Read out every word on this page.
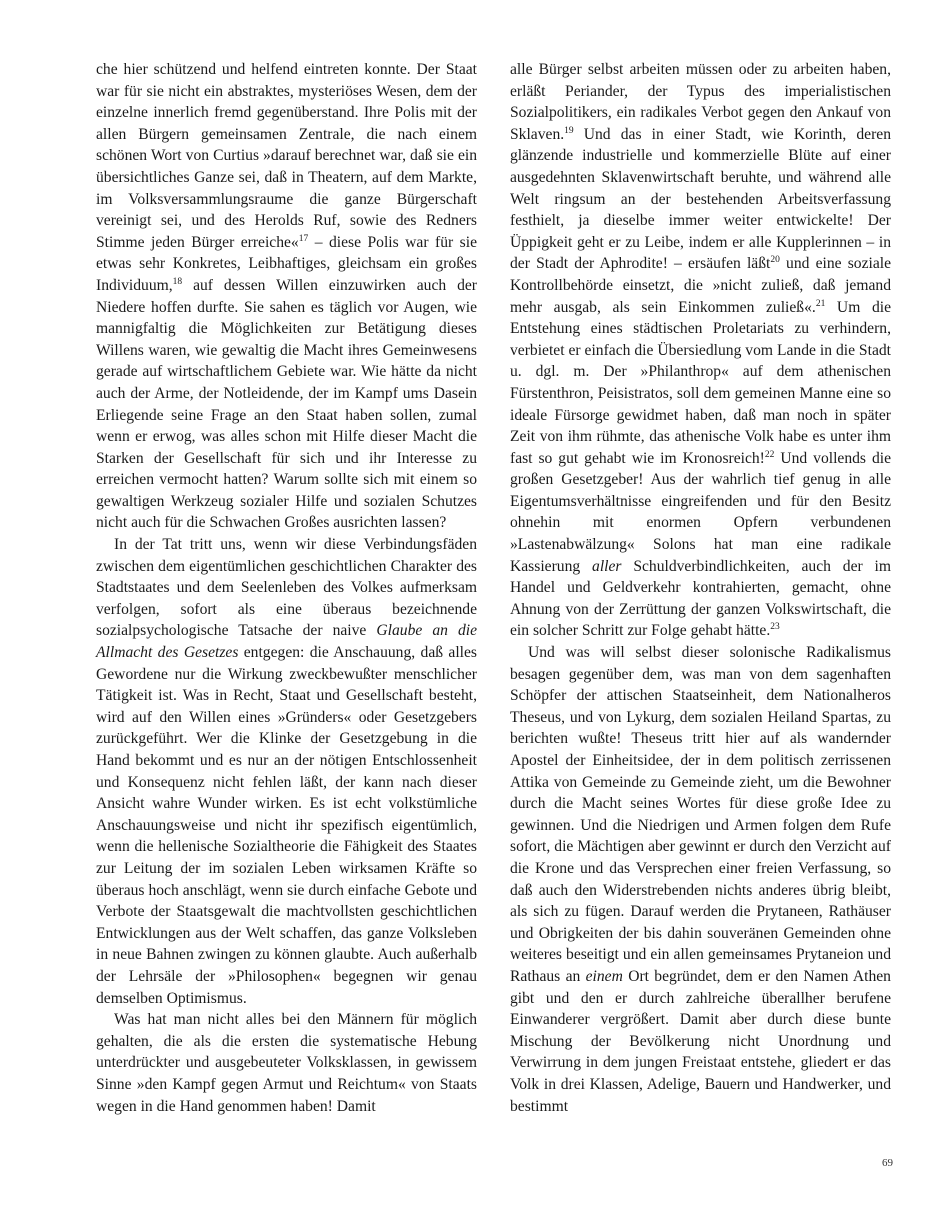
che hier schützend und helfend eintreten konnte. Der Staat war für sie nicht ein abstraktes, mysteriöses Wesen, dem der einzelne innerlich fremd gegenüberstand. Ihre Polis mit der allen Bürgern gemeinsamen Zentrale, die nach einem schönen Wort von Curtius »darauf berechnet war, daß sie ein übersichtliches Ganze sei, daß in Theatern, auf dem Markte, im Volksversammlungsraume die ganze Bürgerschaft vereinigt sei, und des Herolds Ruf, sowie des Redners Stimme jeden Bürger erreiche«$^{17}$ – diese Polis war für sie etwas sehr Konkretes, Leibhaftiges, gleichsam ein großes Individuum,$^{18}$ auf dessen Willen einzuwirken auch der Niedere hoffen durfte. Sie sahen es täglich vor Augen, wie mannigfaltig die Möglichkeiten zur Betätigung dieses Willens waren, wie gewaltig die Macht ihres Gemeinwesens gerade auf wirtschaftlichem Gebiete war. Wie hätte da nicht auch der Arme, der Notleidende, der im Kampf ums Dasein Erliegende seine Frage an den Staat haben sollen, zumal wenn er erwog, was alles schon mit Hilfe dieser Macht die Starken der Gesellschaft für sich und ihr Interesse zu erreichen vermocht hatten? Warum sollte sich mit einem so gewaltigen Werkzeug sozialer Hilfe und sozialen Schutzes nicht auch für die Schwachen Großes ausrichten lassen?

In der Tat tritt uns, wenn wir diese Verbindungsfäden zwischen dem eigentümlichen geschichtlichen Charakter des Stadtstaates und dem Seelenleben des Volkes aufmerksam verfolgen, sofort als eine überaus bezeichnende sozialpsychologische Tatsache der naive Glaube an die Allmacht des Gesetzes entgegen: die Anschauung, daß alles Gewordene nur die Wirkung zweckbewußter menschlicher Tätigkeit ist. Was in Recht, Staat und Gesellschaft besteht, wird auf den Willen eines »Gründers« oder Gesetzgebers zurückgeführt. Wer die Klinke der Gesetzgebung in die Hand bekommt und es nur an der nötigen Entschlossenheit und Konsequenz nicht fehlen läßt, der kann nach dieser Ansicht wahre Wunder wirken. Es ist echt volkstümliche Anschauungsweise und nicht ihr spezifisch eigentümlich, wenn die hellenische Sozialtheorie die Fähigkeit des Staates zur Leitung der im sozialen Leben wirksamen Kräfte so überaus hoch anschlägt, wenn sie durch einfache Gebote und Verbote der Staatsgewalt die machtvollsten geschichtlichen Entwicklungen aus der Welt schaffen, das ganze Volksleben in neue Bahnen zwingen zu können glaubte. Auch außerhalb der Lehrsäle der »Philosophen« begegnen wir genau demselben Optimismus.

Was hat man nicht alles bei den Männern für möglich gehalten, die als die ersten die systematische Hebung unterdrückter und ausgebeuteter Volksklassen, in gewissem Sinne »den Kampf gegen Armut und Reichtum« von Staats wegen in die Hand genommen haben! Damit

alle Bürger selbst arbeiten müssen oder zu arbeiten haben, erläßt Periander, der Typus des imperialistischen Sozialpolitikers, ein radikales Verbot gegen den Ankauf von Sklaven.$^{19}$ Und das in einer Stadt, wie Korinth, deren glänzende industrielle und kommerzielle Blüte auf einer ausgedehnten Sklavenwirtschaft beruhte, und während alle Welt ringsum an der bestehenden Arbeitsverfassung festhielt, ja dieselbe immer weiter entwickelte! Der Üppigkeit geht er zu Leibe, indem er alle Kupplerinnen – in der Stadt der Aphrodite! – ersäufen läßt$^{20}$ und eine soziale Kontrollbehörde einsetzt, die »nicht zuließ, daß jemand mehr ausgab, als sein Einkommen zuließ«.$^{21}$ Um die Entstehung eines städtischen Proletariats zu verhindern, verbietet er einfach die Übersiedlung vom Lande in die Stadt u. dgl. m. Der »Philanthrop« auf dem athenischen Fürstenthron, Peisistratos, soll dem gemeinen Manne eine so ideale Fürsorge gewidmet haben, daß man noch in später Zeit von ihm rühmte, das athenische Volk habe es unter ihm fast so gut gehabt wie im Kronosreich!$^{22}$ Und vollends die großen Gesetzgeber! Aus der wahrlich tief genug in alle Eigentumsverhältnisse eingreifenden und für den Besitz ohnehin mit enormen Opfern verbundenen »Lastenabwälzung« Solons hat man eine radikale Kassierung aller Schuldverbindlichkeiten, auch der im Handel und Geldverkehr kontrahierten, gemacht, ohne Ahnung von der Zerrüttung der ganzen Volkswirtschaft, die ein solcher Schritt zur Folge gehabt hätte.$^{23}$

Und was will selbst dieser solonische Radikalismus besagen gegenüber dem, was man von dem sagenhaften Schöpfer der attischen Staatseinheit, dem Nationalheros Theseus, und von Lykurg, dem sozialen Heiland Spartas, zu berichten wußte! Theseus tritt hier auf als wandernder Apostel der Einheitsidee, der in dem politisch zerrissenen Attika von Gemeinde zu Gemeinde zieht, um die Bewohner durch die Macht seines Wortes für diese große Idee zu gewinnen. Und die Niedrigen und Armen folgen dem Rufe sofort, die Mächtigen aber gewinnt er durch den Verzicht auf die Krone und das Versprechen einer freien Verfassung, so daß auch den Widerstrebenden nichts anderes übrig bleibt, als sich zu fügen. Darauf werden die Prytaneen, Rathäuser und Obrigkeiten der bis dahin souveränen Gemeinden ohne weiteres beseitigt und ein allen gemeinsames Prytaneion und Rathaus an einem Ort begründet, dem er den Namen Athen gibt und den er durch zahlreiche überallher berufene Einwanderer vergrößert. Damit aber durch diese bunte Mischung der Bevölkerung nicht Unordnung und Verwirrung in dem jungen Freistaat entstehe, gliedert er das Volk in drei Klassen, Adelige, Bauern und Handwerker, und bestimmt

69
